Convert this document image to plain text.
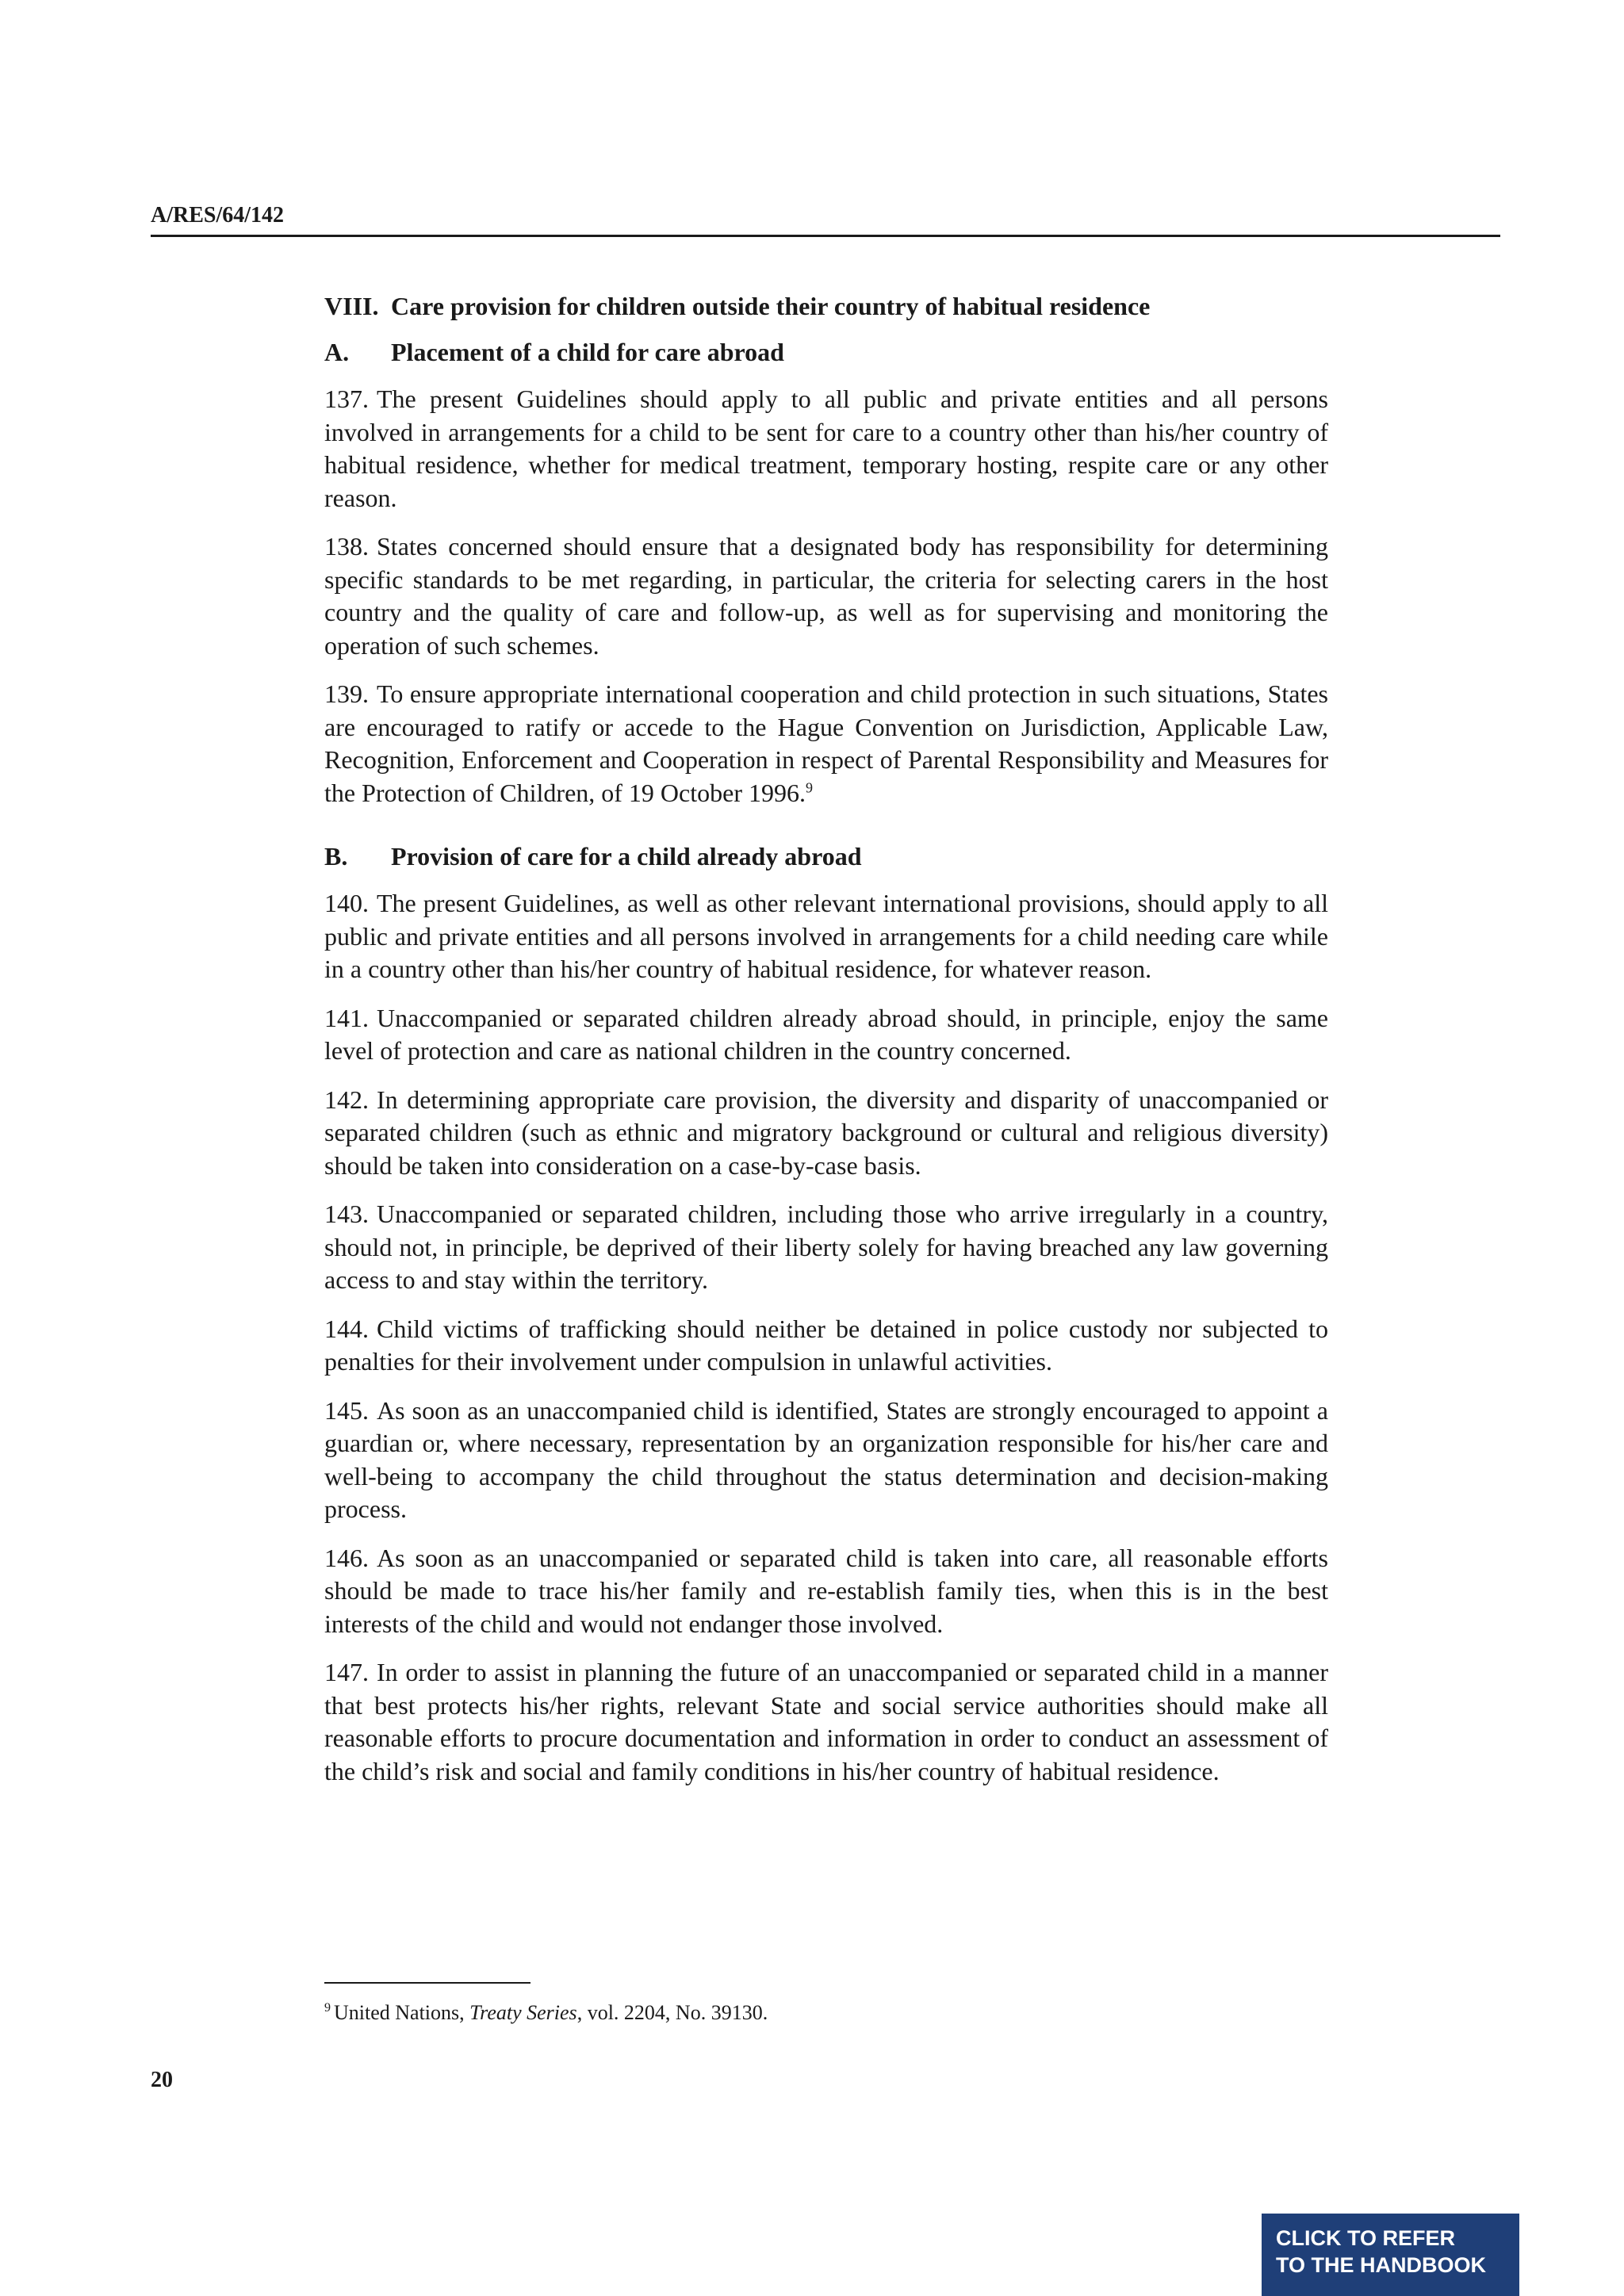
A/RES/64/142
VIII. Care provision for children outside their country of habitual residence
A. Placement of a child for care abroad

137. The present Guidelines should apply to all public and private entities and all persons involved in arrangements for a child to be sent for care to a country other than his/her country of habitual residence, whether for medical treatment, temporary hosting, respite care or any other reason.

138. States concerned should ensure that a designated body has responsibility for determining specific standards to be met regarding, in particular, the criteria for selecting carers in the host country and the quality of care and follow-up, as well as for supervising and monitoring the operation of such schemes.

139. To ensure appropriate international cooperation and child protection in such situations, States are encouraged to ratify or accede to the Hague Convention on Jurisdiction, Applicable Law, Recognition, Enforcement and Cooperation in respect of Parental Responsibility and Measures for the Protection of Children, of 19 October 1996.$^9$

B. Provision of care for a child already abroad

140. The present Guidelines, as well as other relevant international provisions, should apply to all public and private entities and all persons involved in arrangements for a child needing care while in a country other than his/her country of habitual residence, for whatever reason.

141. Unaccompanied or separated children already abroad should, in principle, enjoy the same level of protection and care as national children in the country concerned.

142. In determining appropriate care provision, the diversity and disparity of unaccompanied or separated children (such as ethnic and migratory background or cultural and religious diversity) should be taken into consideration on a case-by-case basis.

143. Unaccompanied or separated children, including those who arrive irregularly in a country, should not, in principle, be deprived of their liberty solely for having breached any law governing access to and stay within the territory.

144. Child victims of trafficking should neither be detained in police custody nor subjected to penalties for their involvement under compulsion in unlawful activities.

145. As soon as an unaccompanied child is identified, States are strongly encouraged to appoint a guardian or, where necessary, representation by an organization responsible for his/her care and well-being to accompany the child throughout the status determination and decision-making process.

146. As soon as an unaccompanied or separated child is taken into care, all reasonable efforts should be made to trace his/her family and re-establish family ties, when this is in the best interests of the child and would not endanger those involved.

147. In order to assist in planning the future of an unaccompanied or separated child in a manner that best protects his/her rights, relevant State and social service authorities should make all reasonable efforts to procure documentation and information in order to conduct an assessment of the child’s risk and social and family conditions in his/her country of habitual residence.

$^9$ United Nations, Treaty Series, vol. 2204, No. 39130.
20
CLICK TO REFER
TO THE HANDBOOK
